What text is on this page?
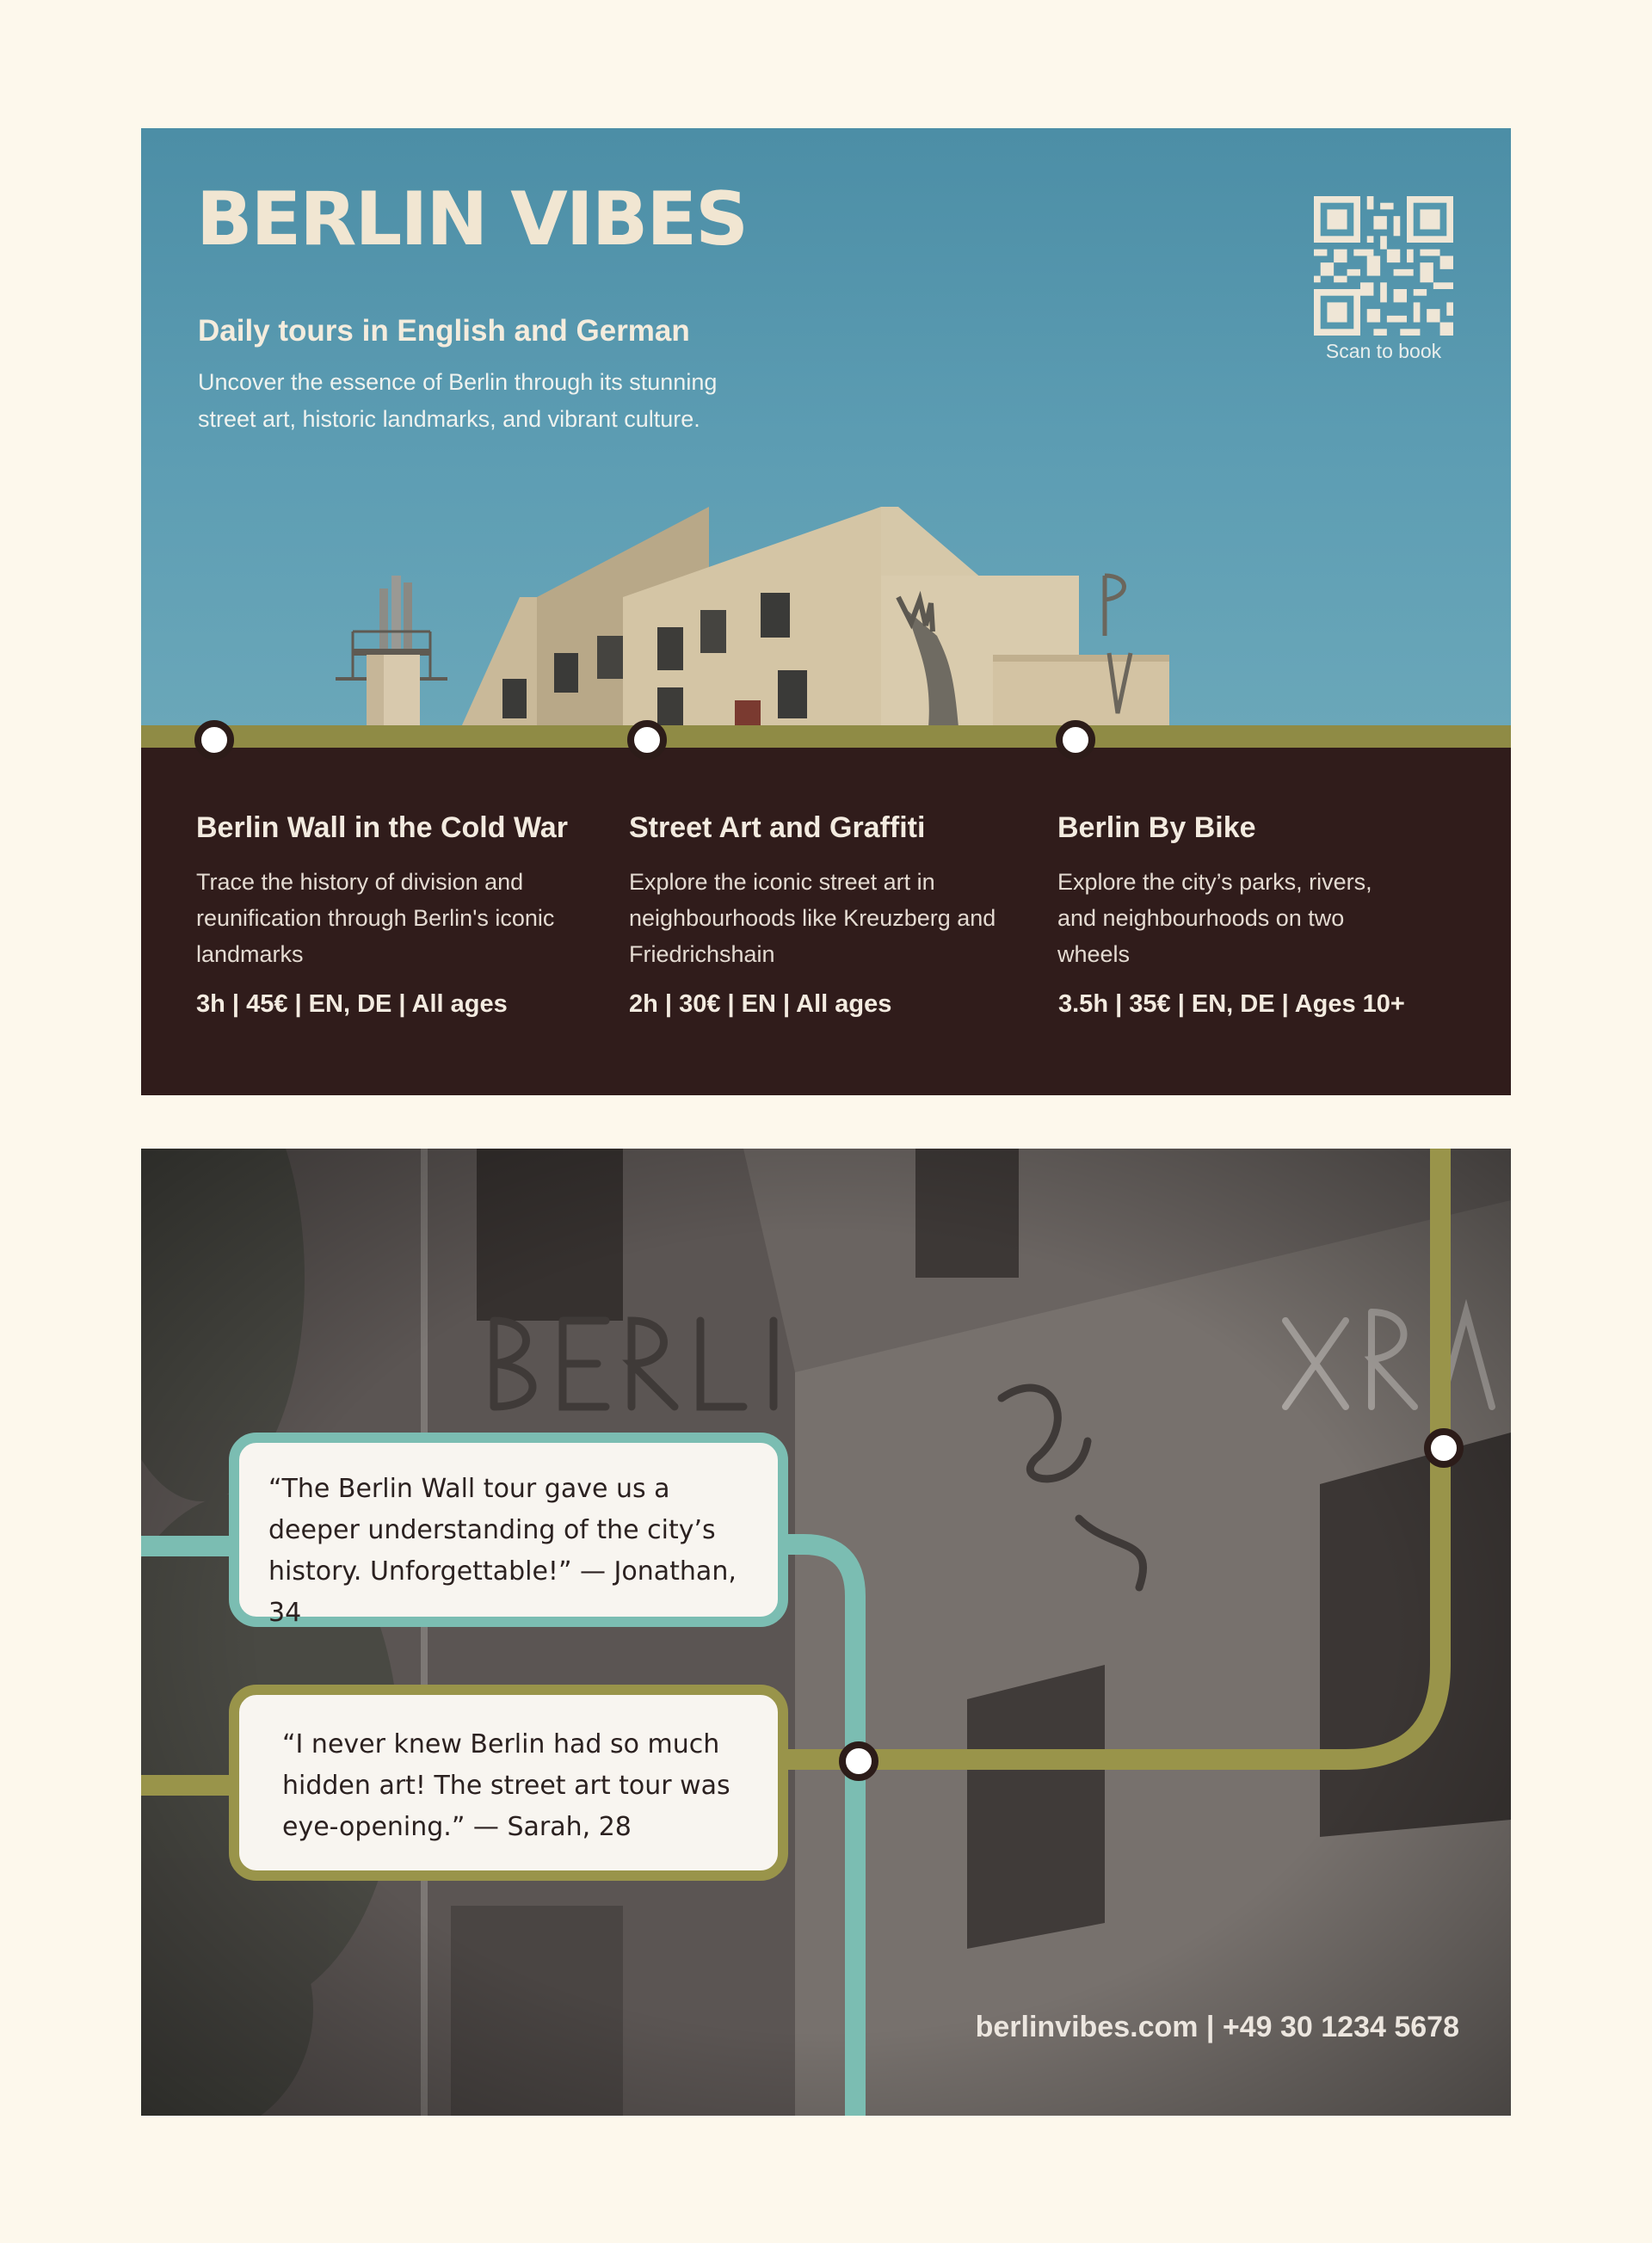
BERLIN VIBES
Daily tours in English and German
Uncover the essence of Berlin through its stunning street art, historic landmarks, and vibrant culture.
Scan to book
Berlin Wall in the Cold War
Trace the history of division and reunification through Berlin's iconic landmarks
3h | 45€ | EN, DE | All ages
Street Art and Graffiti
Explore the iconic street art in neighbourhoods like Kreuzberg and Friedrichshain
2h | 30€ | EN | All ages
Berlin By Bike
Explore the city’s parks, rivers, and neighbourhoods on two wheels
3.5h | 35€ | EN, DE | Ages 10+
“The Berlin Wall tour gave us a deeper understanding of the city’s history. Unforgettable!” — Jonathan, 34
“I never knew Berlin had so much hidden art! The street art tour was eye-opening.” — Sarah, 28
berlinvibes.com | +49 30 1234 5678
